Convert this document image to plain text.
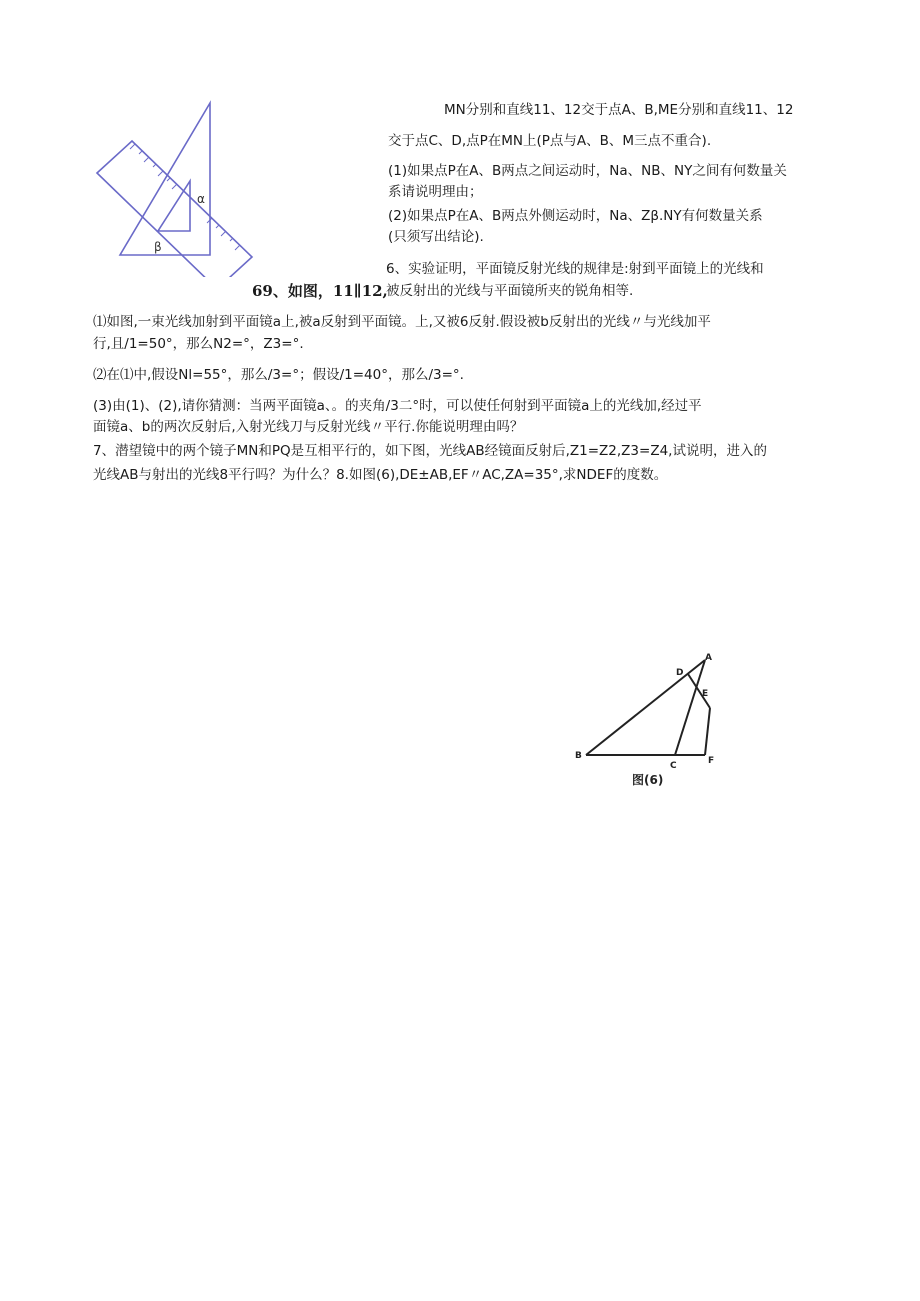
MN分别和直线11、12交于点A、B,ME分别和直线11、12
交于点C、D,点P在MN上(P点与A、B、M三点不重合).
(1)如果点P在A、B两点之间运动时，Na、NB、NY之间有何数量关
系请说明理由；
(2)如果点P在A、B两点外侧运动时，Na、Zβ.NY有何数量关系
(只须写出结论).
6、实验证明，平面镜反射光线的规律是:射到平面镜上的光线和
被反射出的光线与平面镜所夹的锐角相等.
⑴如图,一束光线加射到平面镜a上,被a反射到平面镜。上,又被6反射.假设被b反射出的光线〃与光线加平
行,且/1=50°，那么N2=°，Z3=°.
⑵在⑴中,假设Nl=55°，那么/3=°；假设/1=40°，那么/3=°.
(3)由(1)、(2),请你猜测：当两平面镜a、。的夹角/3二°时，可以使任何射到平面镜a上的光线加,经过平
面镜a、b的两次反射后,入射光线刀与反射光线〃平行.你能说明理由吗？
7、潜望镜中的两个镜子MN和PQ是互相平行的，如下图，光线AB经镜面反射后,Z1=Z2,Z3=Z4,试说明，进入的
光线AB与射出的光线8平行吗？为什么？8.如图(6),DE±AB,EF〃AC,ZA=35°,求NDEF的度数。
α
β
69、如图，11∥12,
A
B
C
D
E
F
图(6)
